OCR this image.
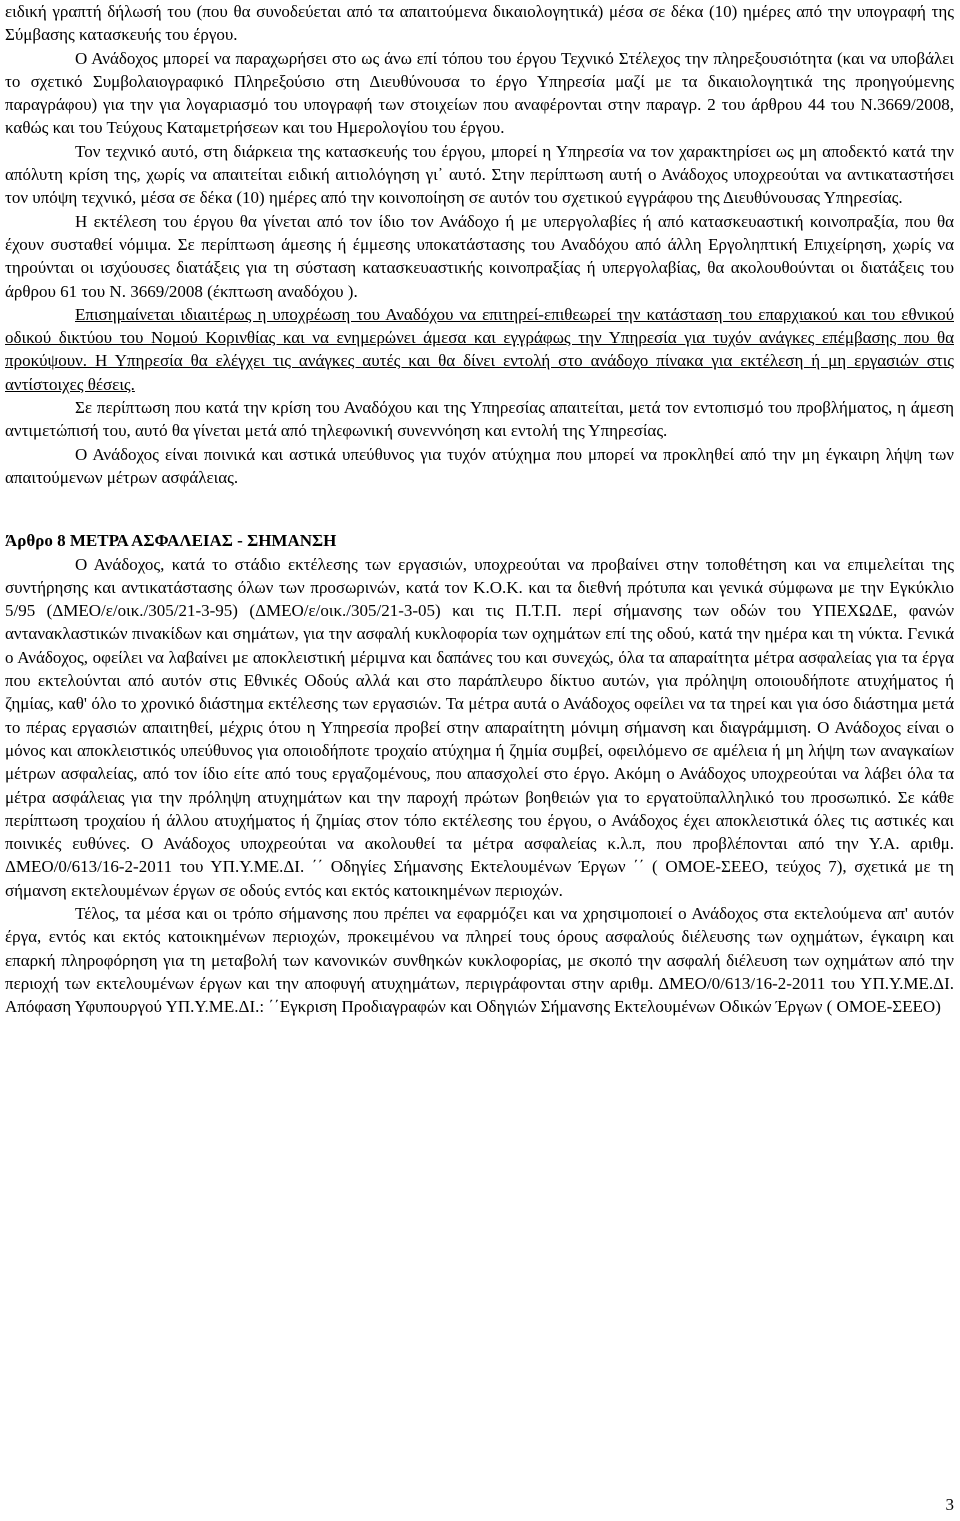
ειδική γραπτή δήλωσή του (που θα συνοδεύεται από τα απαιτούμενα δικαιολογητικά) μέσα σε δέκα (10) ημέρες από την υπογραφή της Σύμβασης κατασκευής του έργου.

Ο Ανάδοχος μπορεί να παραχωρήσει στο ως άνω επί τόπου του έργου Τεχνικό Στέλεχος την πληρεξουσιότητα (και να υποβάλει το σχετικό Συμβολαιογραφικό Πληρεξούσιο στη Διευθύνουσα το έργο Υπηρεσία μαζί με τα δικαιολογητικά της προηγούμενης παραγράφου) για την για λογαριασμό του υπογραφή των στοιχείων που αναφέρονται στην παραγρ. 2 του άρθρου 44 του Ν.3669/2008, καθώς και του Τεύχους Καταμετρήσεων και του Ημερολογίου του έργου.

Τον τεχνικό αυτό, στη διάρκεια της κατασκευής του έργου, μπορεί η Υπηρεσία να τον χαρακτηρίσει ως μη αποδεκτό κατά την απόλυτη κρίση της, χωρίς να απαιτείται ειδική αιτιολόγηση γι᾽ αυτό. Στην περίπτωση αυτή ο Ανάδοχος υποχρεούται να αντικαταστήσει τον υπόψη τεχνικό, μέσα σε δέκα (10) ημέρες από την κοινοποίηση σε αυτόν του σχετικού εγγράφου της Διευθύνουσας Υπηρεσίας.

Η εκτέλεση του έργου θα γίνεται από τον ίδιο τον Ανάδοχο ή με υπεργολαβίες ή από κατασκευαστική κοινοπραξία, που θα έχουν συσταθεί νόμιμα. Σε περίπτωση άμεσης ή έμμεσης υποκατάστασης του Αναδόχου από άλλη Εργοληπτική Επιχείρηση, χωρίς να τηρούνται οι ισχύουσες διατάξεις για τη σύσταση κατασκευαστικής κοινοπραξίας ή υπεργολαβίας, θα ακολουθούνται οι διατάξεις του άρθρου 61 του Ν. 3669/2008 (έκπτωση αναδόχου ).

Επισημαίνεται ιδιαιτέρως η υποχρέωση του Αναδόχου να επιτηρεί-επιθεωρεί την κατάσταση του επαρχιακού και του εθνικού οδικού δικτύου του Νομού Κορινθίας και να ενημερώνει άμεσα και εγγράφως την Υπηρεσία για τυχόν ανάγκες επέμβασης που θα προκύψουν. Η Υπηρεσία θα ελέγχει τις ανάγκες αυτές και θα δίνει εντολή στο ανάδοχο πίνακα για εκτέλεση ή μη εργασιών στις αντίστοιχες θέσεις.

Σε περίπτωση που κατά την κρίση του Αναδόχου και της Υπηρεσίας απαιτείται, μετά τον εντοπισμό του προβλήματος, η άμεση αντιμετώπισή του, αυτό θα γίνεται μετά από τηλεφωνική συνεννόηση και εντολή της Υπηρεσίας.

Ο Ανάδοχος είναι ποινικά και αστικά υπεύθυνος για τυχόν ατύχημα που μπορεί να προκληθεί από την μη έγκαιρη λήψη των απαιτούμενων μέτρων ασφάλειας.

Άρθρο 8 ΜΕΤΡΑ ΑΣΦΑΛΕΙΑΣ - ΣΗΜΑΝΣΗ

Ο Ανάδοχος, κατά το στάδιο εκτέλεσης των εργασιών, υποχρεούται να προβαίνει στην τοποθέτηση και να επιμελείται της συντήρησης και αντικατάστασης όλων των προσωρινών, κατά τον Κ.Ο.Κ. και τα διεθνή πρότυπα και γενικά σύμφωνα με την Εγκύκλιο 5/95 (ΔΜΕΟ/ε/οικ./305/21-3-95) (ΔΜΕΟ/ε/οικ./305/21-3-05) και τις Π.Τ.Π. περί σήμανσης των οδών του ΥΠΕΧΩΔΕ, φανών αντανακλαστικών πινακίδων και σημάτων, για την ασφαλή κυκλοφορία των οχημάτων επί της οδού, κατά την ημέρα και τη νύκτα. Γενικά ο Ανάδοχος, οφείλει να λαβαίνει με αποκλειστική μέριμνα και δαπάνες του και συνεχώς, όλα τα απαραίτητα μέτρα ασφαλείας για τα έργα που εκτελούνται από αυτόν στις Εθνικές Οδούς αλλά και στο παράπλευρο δίκτυο αυτών, για πρόληψη οποιουδήποτε ατυχήματος ή ζημίας, καθ' όλο το χρονικό διάστημα εκτέλεσης των εργασιών. Τα μέτρα αυτά ο Ανάδοχος οφείλει να τα τηρεί και για όσο διάστημα μετά το πέρας εργασιών απαιτηθεί, μέχρις ότου η Υπηρεσία προβεί στην απαραίτητη μόνιμη σήμανση και διαγράμμιση. Ο Ανάδοχος είναι ο μόνος και αποκλειστικός υπεύθυνος για οποιοδήποτε τροχαίο ατύχημα ή ζημία συμβεί, οφειλόμενο σε αμέλεια ή μη λήψη των αναγκαίων μέτρων ασφαλείας, από τον ίδιο είτε από τους εργαζομένους, που απασχολεί στο έργο. Ακόμη ο Ανάδοχος υποχρεούται να λάβει όλα τα μέτρα ασφάλειας για την πρόληψη ατυχημάτων και την παροχή πρώτων βοηθειών για το εργατοϋπαλληλικό του προσωπικό. Σε κάθε περίπτωση τροχαίου ή άλλου ατυχήματος ή ζημίας στον τόπο εκτέλεσης του έργου, ο Ανάδοχος έχει αποκλειστικά όλες τις αστικές και ποινικές ευθύνες. Ο Ανάδοχος υποχρεούται να ακολουθεί τα μέτρα ασφαλείας κ.λ.π, που προβλέπονται από την Υ.Α. αριθμ. ΔΜΕΟ/0/613/16-2-2011 του ΥΠ.Υ.ΜΕ.ΔΙ. ΄΄ Οδηγίες Σήμανσης Εκτελουμένων Έργων ΄΄ ( ΟΜΟΕ-ΣΕΕΟ, τεύχος 7), σχετικά με τη σήμανση εκτελουμένων έργων σε οδούς εντός και εκτός κατοικημένων περιοχών.

Τέλος, τα μέσα και οι τρόπο σήμανσης που πρέπει να εφαρμόζει και να χρησιμοποιεί ο Ανάδοχος στα εκτελούμενα απ' αυτόν έργα, εντός και εκτός κατοικημένων περιοχών, προκειμένου να πληρεί τους όρους ασφαλούς διέλευσης των οχημάτων, έγκαιρη και επαρκή πληροφόρηση για τη μεταβολή των κανονικών συνθηκών κυκλοφορίας, με σκοπό την ασφαλή διέλευση των οχημάτων από την περιοχή των εκτελουμένων έργων και την αποφυγή ατυχημάτων, περιγράφονται στην αριθμ. ΔΜΕΟ/0/613/16-2-2011 του ΥΠ.Υ.ΜΕ.ΔΙ. Απόφαση Υφυπουργού ΥΠ.Υ.ΜΕ.ΔΙ.: ΄΄Εγκριση Προδιαγραφών και Οδηγιών Σήμανσης Εκτελουμένων Οδικών Έργων ( ΟΜΟΕ-ΣΕΕΟ)

3
